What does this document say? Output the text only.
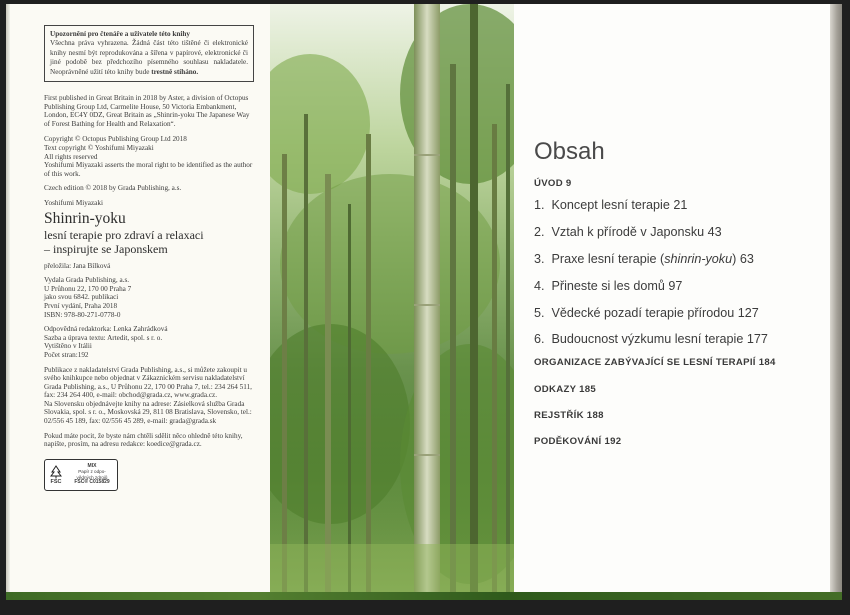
Upozornění pro čtenáře a uživatele této knihy
Všechna práva vyhrazena. Žádná část této tištěné či elektronické knihy nesmí být reprodukována a šířena v papírové, elektronické či jiné podobě bez předchozího písemného souhlasu nakladatele. Neoprávněné užití této knihy bude trestně stíháno.

First published in Great Britain in 2018 by Aster, a division of Octopus Publishing Group Ltd, Carmelite House, 50 Victoria Embankment, London, EC4Y 0DZ, Great Britain as „Shinrin-yoku The Japanese Way of Forest Bathing for Health and Relaxation“.

Copyright © Octopus Publishing Group Ltd 2018

Text copyright © Yoshifumi Miyazaki

All rights reserved

Yoshifumi Miyazaki asserts the moral right to be identified as the author of this work.

Czech edition © 2018 by Grada Publishing, a.s.

Yoshifumi Miyazaki

Shinrin-yoku

lesní terapie pro zdraví a relaxaci

– inspirujte se Japonskem

přeložila: Jana Bílková

Vydala Grada Publishing, a.s.

U Průhonu 22, 170 00 Praha 7

jako svou 6842. publikaci

První vydání, Praha 2018

ISBN: 978-80-271-0778-0

Odpovědná redaktorka: Lenka Zahrádková

Sazba a úprava textu: Artedit, spol. s r. o.

Vytištěno v Itálii

Počet stran:192

Publikace z nakladatelství Grada Publishing, a.s., si můžete zakoupit u svého knihkupce nebo objednat v Zákaznickém servisu nakladatelství Grada Publishing, a.s., U Průhonu 22, 170 00 Praha 7, tel.: 234 264 511, fax: 234 264 400, e-mail: obchod@grada.cz, www.grada.cz.

Na Slovensku objednávejte knihy na adrese: Zásielková služba Grada Slovakia, spol. s r. o., Moskovská 29, 811 08 Bratislava, Slovensko, tel.: 02/556 45 189, fax: 02/556 45 289, e-mail: grada@grada.sk

Pokud máte pocit, že byste nám chtěli sdělit něco ohledně této knihy, napište, prosím, na adresu redakce: koedice@grada.cz.

FSC
MIX
Papír z odpo-
vědných zdrojů
FSC® C015829
Obsah
ÚVOD 9
1. Koncept lesní terapie 21
2. Vztah k přírodě v Japonsku 43
3. Praxe lesní terapie (shinrin-yoku) 63
4. Přineste si les domů 97
5. Vědecké pozadí terapie přírodou 127
6. Budoucnost výzkumu lesní terapie 177
ORGANIZACE ZABÝVAJÍCÍ SE LESNÍ TERAPIÍ 184
ODKAZY 185
REJSTŘÍK 188
PODĚKOVÁNÍ 192
